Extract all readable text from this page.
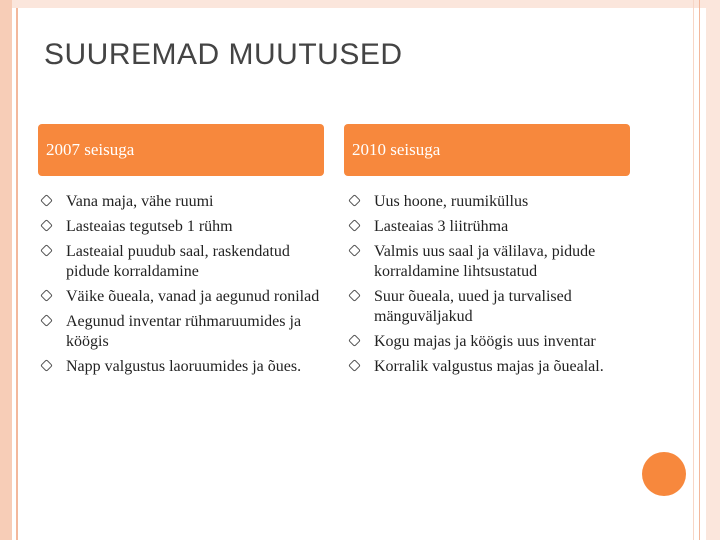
SUUREMAD MUUTUSED
2007 seisuga	2010 seisuga
Vana maja, vähe ruumi
Lasteaias tegutseb 1 rühm
Lasteaial puudub saal, raskendatud pidude korraldamine
Väike õueala, vanad ja aegunud ronilad
Aegunud inventar rühmaruumides ja köögis
Napp valgustus laoruumides ja õues.
Uus hoone, ruumiküllus
Lasteaias 3 liitrühma
Valmis uus saal ja välilava, pidude korraldamine lihtsustatud
Suur õueala, uued ja turvalised mänguväljakud
Kogu majas ja köögis uus inventar
Korralik valgustus majas ja õuealal.
